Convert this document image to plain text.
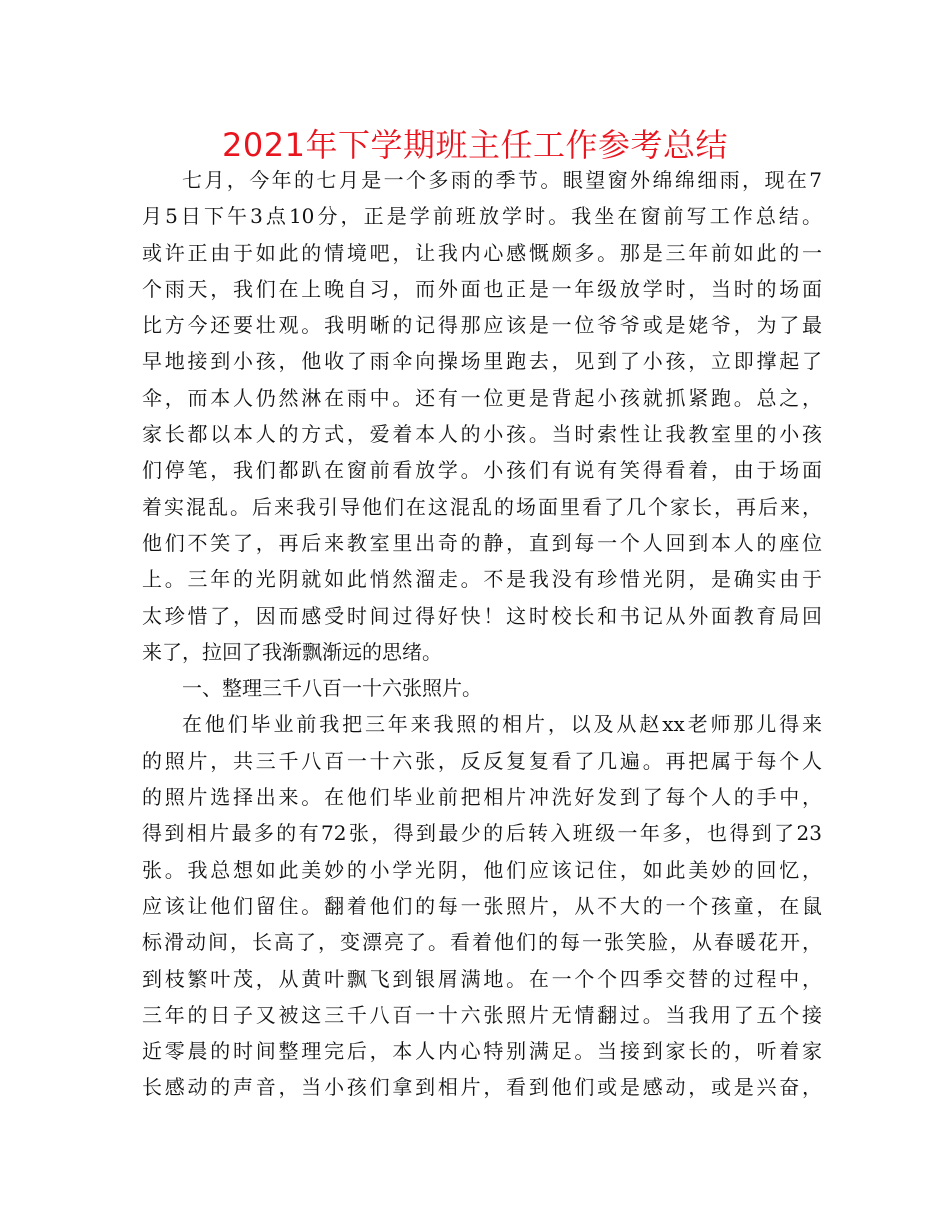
2021年下学期班主任工作参考总结
七月，今年的七月是一个多雨的季节。眼望窗外绵绵细雨，现在7
月5日下午3点10分，正是学前班放学时。我坐在窗前写工作总结。
或许正由于如此的情境吧，让我内心感慨颇多。那是三年前如此的一
个雨天，我们在上晚自习，而外面也正是一年级放学时，当时的场面
比方今还要壮观。我明晰的记得那应该是一位爷爷或是姥爷，为了最
早地接到小孩，他收了雨伞向操场里跑去，见到了小孩，立即撑起了
伞，而本人仍然淋在雨中。还有一位更是背起小孩就抓紧跑。总之，
家长都以本人的方式，爱着本人的小孩。当时索性让我教室里的小孩
们停笔，我们都趴在窗前看放学。小孩们有说有笑得看着，由于场面
着实混乱。后来我引导他们在这混乱的场面里看了几个家长，再后来，
他们不笑了，再后来教室里出奇的静，直到每一个人回到本人的座位
上。三年的光阴就如此悄然溜走。不是我没有珍惜光阴，是确实由于
太珍惜了，因而感受时间过得好快！这时校长和书记从外面教育局回
来了，拉回了我渐飘渐远的思绪。
一、整理三千八百一十六张照片。
在他们毕业前我把三年来我照的相片，以及从赵xx老师那儿得来
的照片，共三千八百一十六张，反反复复看了几遍。再把属于每个人
的照片选择出来。在他们毕业前把相片冲洗好发到了每个人的手中，
得到相片最多的有72张，得到最少的后转入班级一年多，也得到了23
张。我总想如此美妙的小学光阴，他们应该记住，如此美妙的回忆，
应该让他们留住。翻着他们的每一张照片，从不大的一个孩童，在鼠
标滑动间，长高了，变漂亮了。看着他们的每一张笑脸，从春暖花开，
到枝繁叶茂，从黄叶飘飞到银屑满地。在一个个四季交替的过程中，
三年的日子又被这三千八百一十六张照片无情翻过。当我用了五个接
近零晨的时间整理完后，本人内心特别满足。当接到家长的，听着家
长感动的声音，当小孩们拿到相片，看到他们或是感动，或是兴奋，
